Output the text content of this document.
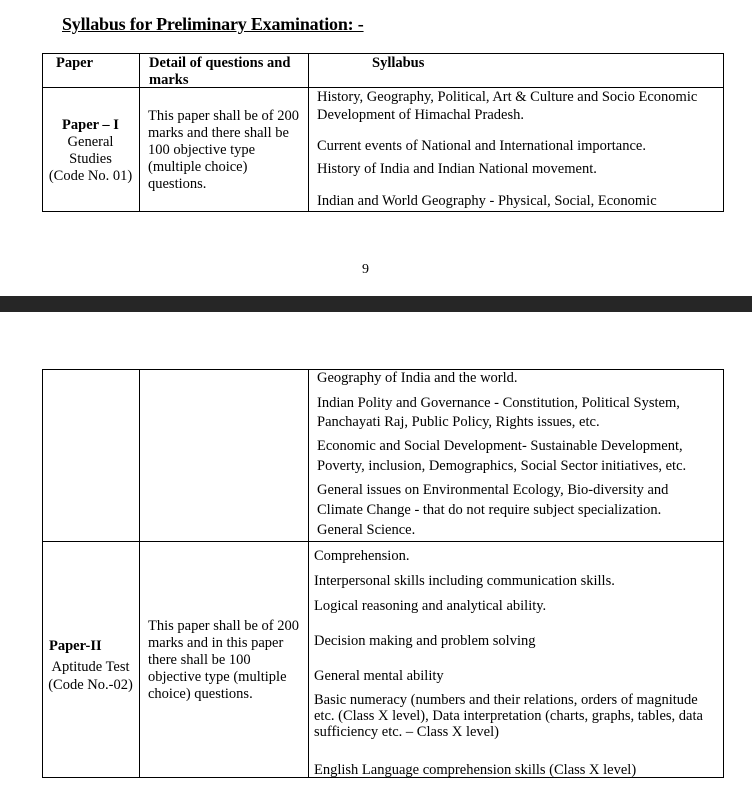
Syllabus for Preliminary Examination: -
Paper	Detail of questions and
marks
Syllabus
Paper – I
General
Studies
(Code No. 01)
This paper shall be of 200
marks and there shall be
100 objective type
(multiple choice)
questions.
History, Geography, Political, Art & Culture and Socio Economic
Development of Himachal Pradesh.
Current events of National and International importance.
History of India and Indian National movement.
Indian and World Geography - Physical, Social, Economic
9
Geography of India and the world.
Indian Polity and Governance - Constitution, Political System,
Panchayati Raj, Public Policy, Rights issues, etc.
Economic and Social Development- Sustainable Development,
Poverty, inclusion, Demographics, Social Sector initiatives, etc.
General issues on Environmental Ecology, Bio-diversity and
Climate Change - that do not require subject specialization.
General Science.
Paper-II
Aptitude Test
(Code No.-02)
This paper shall be of 200
marks and in this paper
there shall be 100
objective type (multiple
choice) questions.
Comprehension.
Interpersonal skills including communication skills.
Logical reasoning and analytical ability.
Decision making and problem solving
General mental ability
Basic numeracy (numbers and their relations, orders of magnitude
etc. (Class X level), Data interpretation (charts, graphs, tables, data
sufficiency etc. – Class X level)
English Language comprehension skills (Class X level)
